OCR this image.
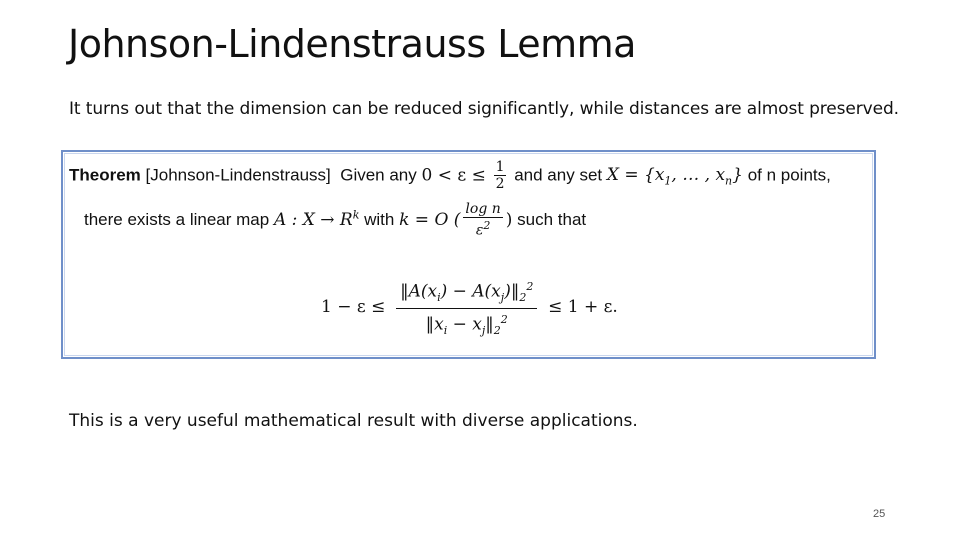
Johnson-Lindenstrauss Lemma
It turns out that the dimension can be reduced significantly, while distances are almost preserved.
Theorem [Johnson-Lindenstrauss] Given any $0 < \varepsilon \le \frac{1}{2}$ and any set $X = \{x_1$, … , $x_n$} of n points,
there exists a linear map A : $X \to R^k$ with k = O ( $\frac{\text{log n}}{\varepsilon^2}$ ) such that
$1 - \varepsilon \le \frac{‖A(x_i) - A(x_j)‖_2^2}{‖x_i - x_j‖_2^2} \le 1 + \varepsilon$.
This is a very useful mathematical result with diverse applications.
25
